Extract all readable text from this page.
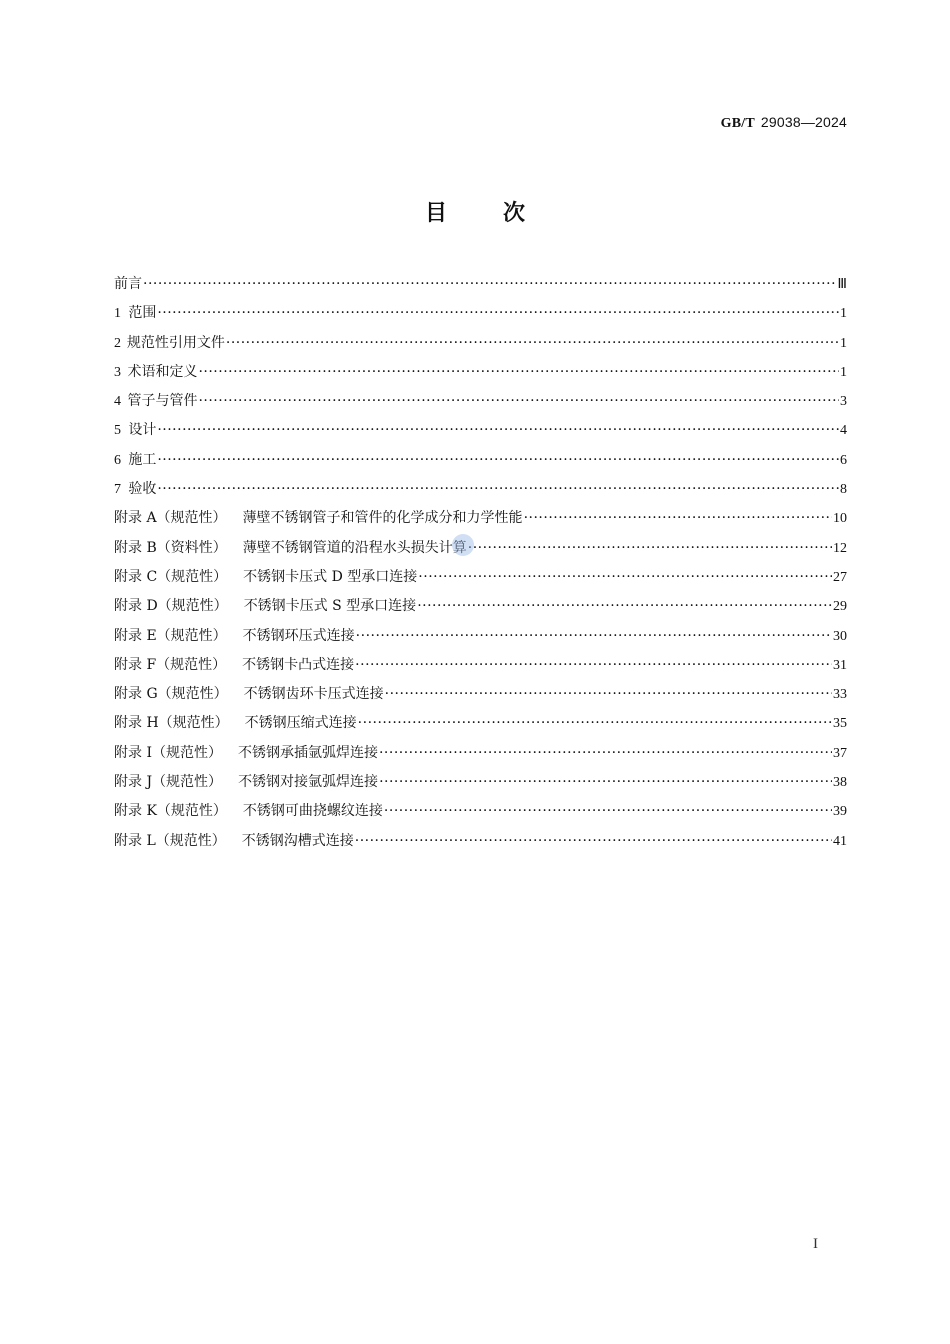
GB/T 29038—2024
目	次
前言 ·····	Ⅲ
1 范围 ·····	1
2 规范性引用文件 ·····	1
3 术语和定义 ·····	1
4 管子与管件 ·····	3
5 设计 ·····	4
6 施工 ·····	6
7 验收 ·····	8
附录 A（规范性） 薄壁不锈钢管子和管件的化学成分和力学性能 ·····	10
附录 B（资料性） 薄壁不锈钢管道的沿程水头损失计算 ·····	12
附录 C（规范性） 不锈钢卡压式 D 型承口连接 ·····	27
附录 D（规范性） 不锈钢卡压式 S 型承口连接 ·····	29
附录 E（规范性） 不锈钢环压式连接 ·····	30
附录 F（规范性） 不锈钢卡凸式连接 ·····	31
附录 G（规范性） 不锈钢齿环卡压式连接 ·····	33
附录 H（规范性） 不锈钢压缩式连接 ·····	35
附录 I（规范性） 不锈钢承插氩弧焊连接 ·····	37
附录 J（规范性） 不锈钢对接氩弧焊连接 ·····	38
附录 K（规范性） 不锈钢可曲挠螺纹连接 ·····	39
附录 L（规范性） 不锈钢沟槽式连接 ·····	41
I
